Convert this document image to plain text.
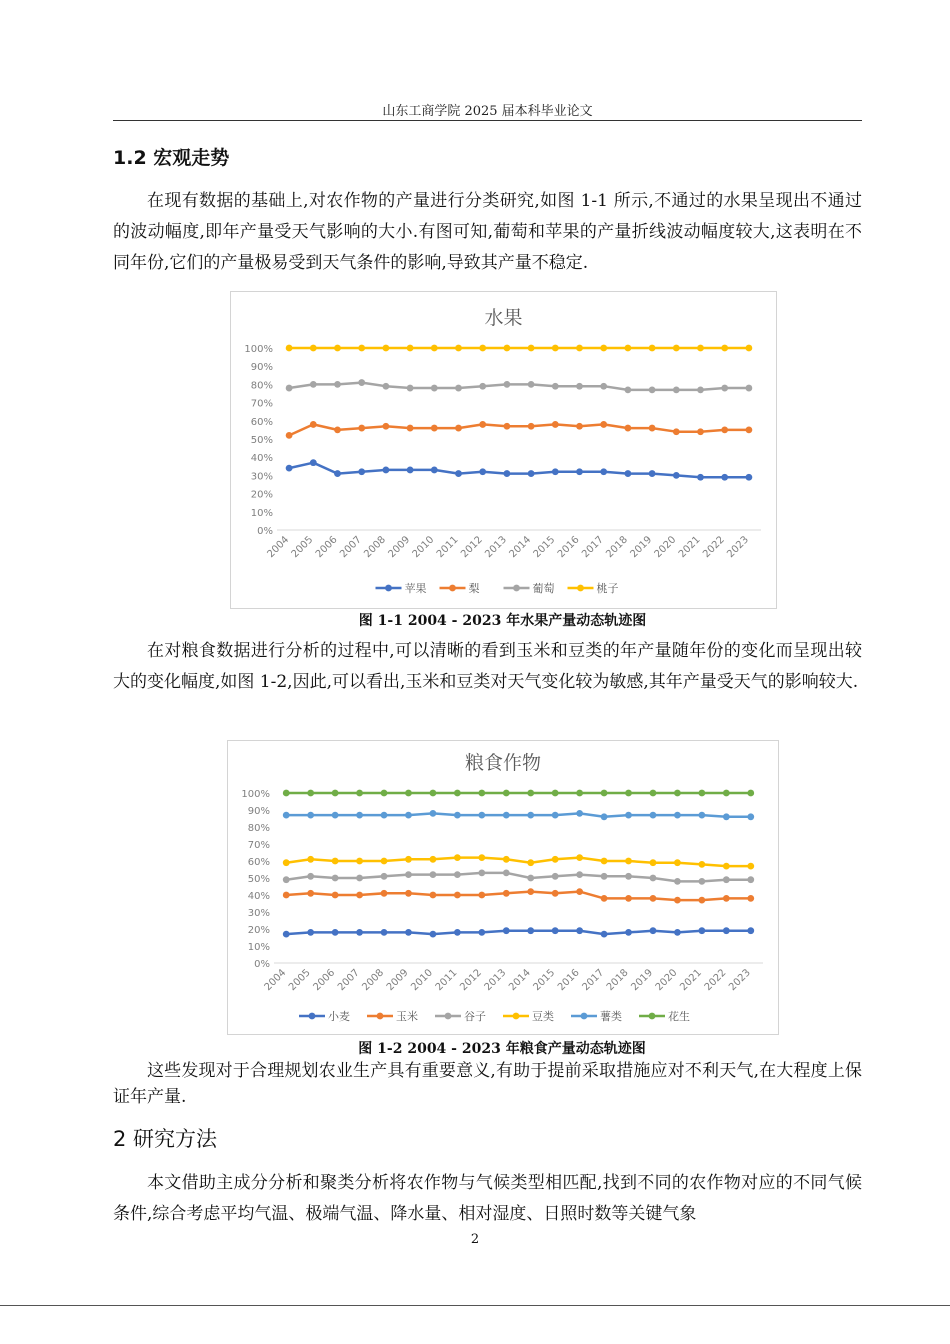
山东工商学院 2025 届本科毕业论文
1.2 宏观走势

在现有数据的基础上,对农作物的产量进行分类研究,如图 1-1 所示,不通过的水果呈现出不通过的波动幅度,即年产量受天气影响的大小.有图可知,葡萄和苹果的产量折线波动幅度较大,这表明在不同年份,它们的产量极易受到天气条件的影响,导致其产量不稳定.

水果
0%
10%
20%
30%
40%
50%
60%
70%
80%
90%
100%
2004
2005
2006
2007
2008
2009
2010
2011
2012
2013
2014
2015
2016
2017
2018
2019
2020
2021
2022
2023
苹果	梨	葡萄	桃子
图 1-1 2004 - 2023 年水果产量动态轨迹图

在对粮食数据进行分析的过程中,可以清晰的看到玉米和豆类的年产量随年份的变化而呈现出较大的变化幅度,如图 1-2,因此,可以看出,玉米和豆类对天气变化较为敏感,其年产量受天气的影响较大.

粮食作物
0%
10%
20%
30%
40%
50%
60%
70%
80%
90%
100%
2004
2005
2006
2007
2008
2009
2010
2011
2012
2013
2014
2015
2016
2017
2018
2019
2020
2021
2022
2023
小麦	玉米	谷子	豆类	薯类	花生
图 1-2 2004 - 2023 年粮食产量动态轨迹图

这些发现对于合理规划农业生产具有重要意义,有助于提前采取措施应对不利天气,在大程度上保证年产量.

2 研究方法

本文借助主成分分析和聚类分析将农作物与气候类型相匹配,找到不同的农作物对应的不同气候条件,综合考虑平均气温、极端气温、降水量、相对湿度、日照时数等关键气象

2
